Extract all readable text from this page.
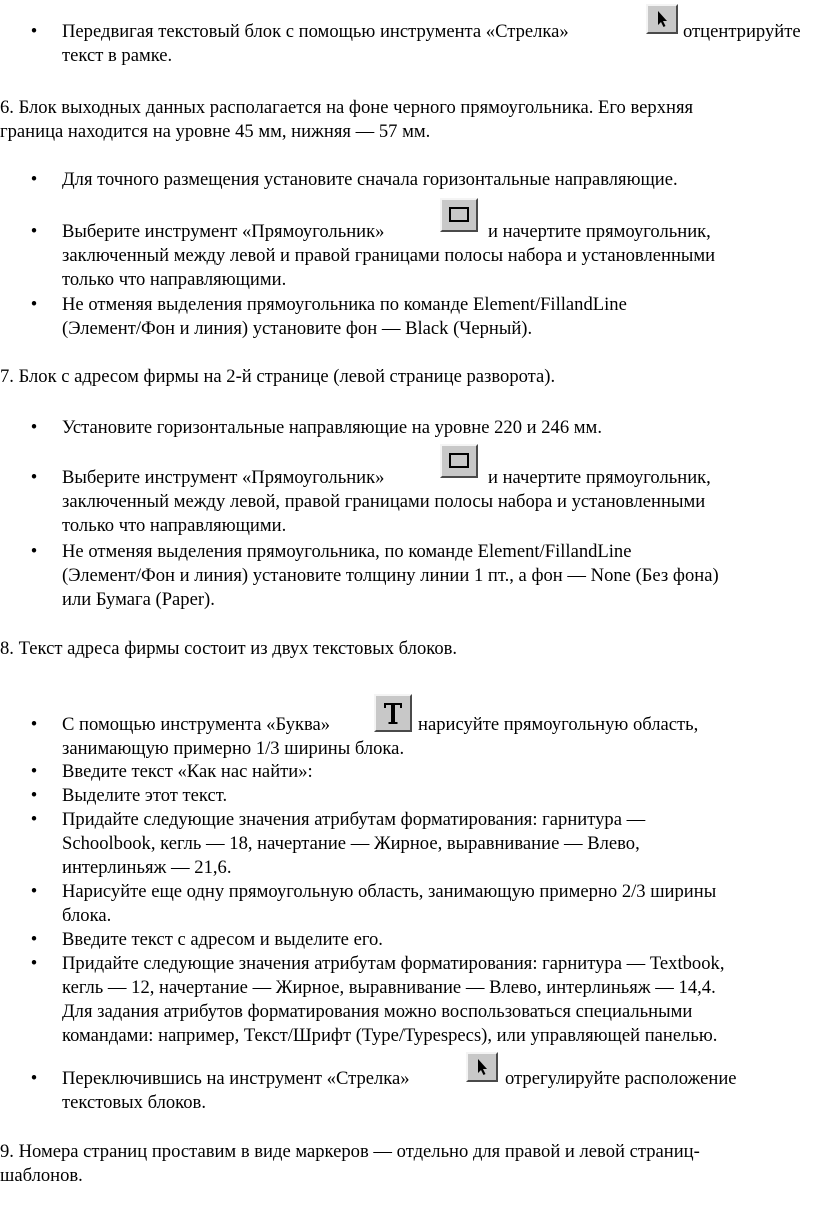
• Передвигая текстовый блок с помощью инструмента «Стрелка»	отцентрируйте
текст в рамке.
6. Блок выходных данных располагается на фоне черного прямоугольника. Его верхняя
граница находится на уровне 45 мм, нижняя — 57 мм.
• Для точного размещения установите сначала горизонтальные направляющие.
• Выберите инструмент «Прямоугольник»	и начертите прямоугольник,
заключенный между левой и правой границами полосы набора и установленными
только что направляющими.
• Не отменяя выделения прямоугольника по команде Element/FillandLine
(Элемент/Фон и линия) установите фон — Black (Черный).
7. Блок с адресом фирмы на 2-й странице (левой странице разворота).
• Установите горизонтальные направляющие на уровне 220 и 246 мм.
• Выберите инструмент «Прямоугольник»	и начертите прямоугольник,
заключенный между левой, правой границами полосы набора и установленными
только что направляющими.
• Не отменяя выделения прямоугольника, по команде Element/FillandLine
(Элемент/Фон и линия) установите толщину линии 1 пт., а фон — None (Без фона)
или Бумага (Paper).
8. Текст адреса фирмы состоит из двух текстовых блоков.
• С помощью инструмента «Буква»	нарисуйте прямоугольную область,
занимающую примерно 1/3 ширины блока.
• Введите текст «Как нас найти»:
• Выделите этот текст.
• Придайте следующие значения атрибутам форматирования: гарнитура —
Schoolbook, кегль — 18, начертание — Жирное, выравнивание — Влево,
интерлиньяж — 21,6.
• Нарисуйте еще одну прямоугольную область, занимающую примерно 2/3 ширины
блока.
• Введите текст с адресом и выделите его.
• Придайте следующие значения атрибутам форматирования: гарнитура — Textbook,
кегль — 12, начертание — Жирное, выравнивание — Влево, интерлиньяж — 14,4.
Для задания атрибутов форматирования можно воспользоваться специальными
командами: например, Текст/Шрифт (Type/Typespecs), или управляющей панелью.
• Переключившись на инструмент «Стрелка»	отрегулируйте расположение
текстовых блоков.
9. Номера страниц проставим в виде маркеров — отдельно для правой и левой страниц-
шаблонов.
